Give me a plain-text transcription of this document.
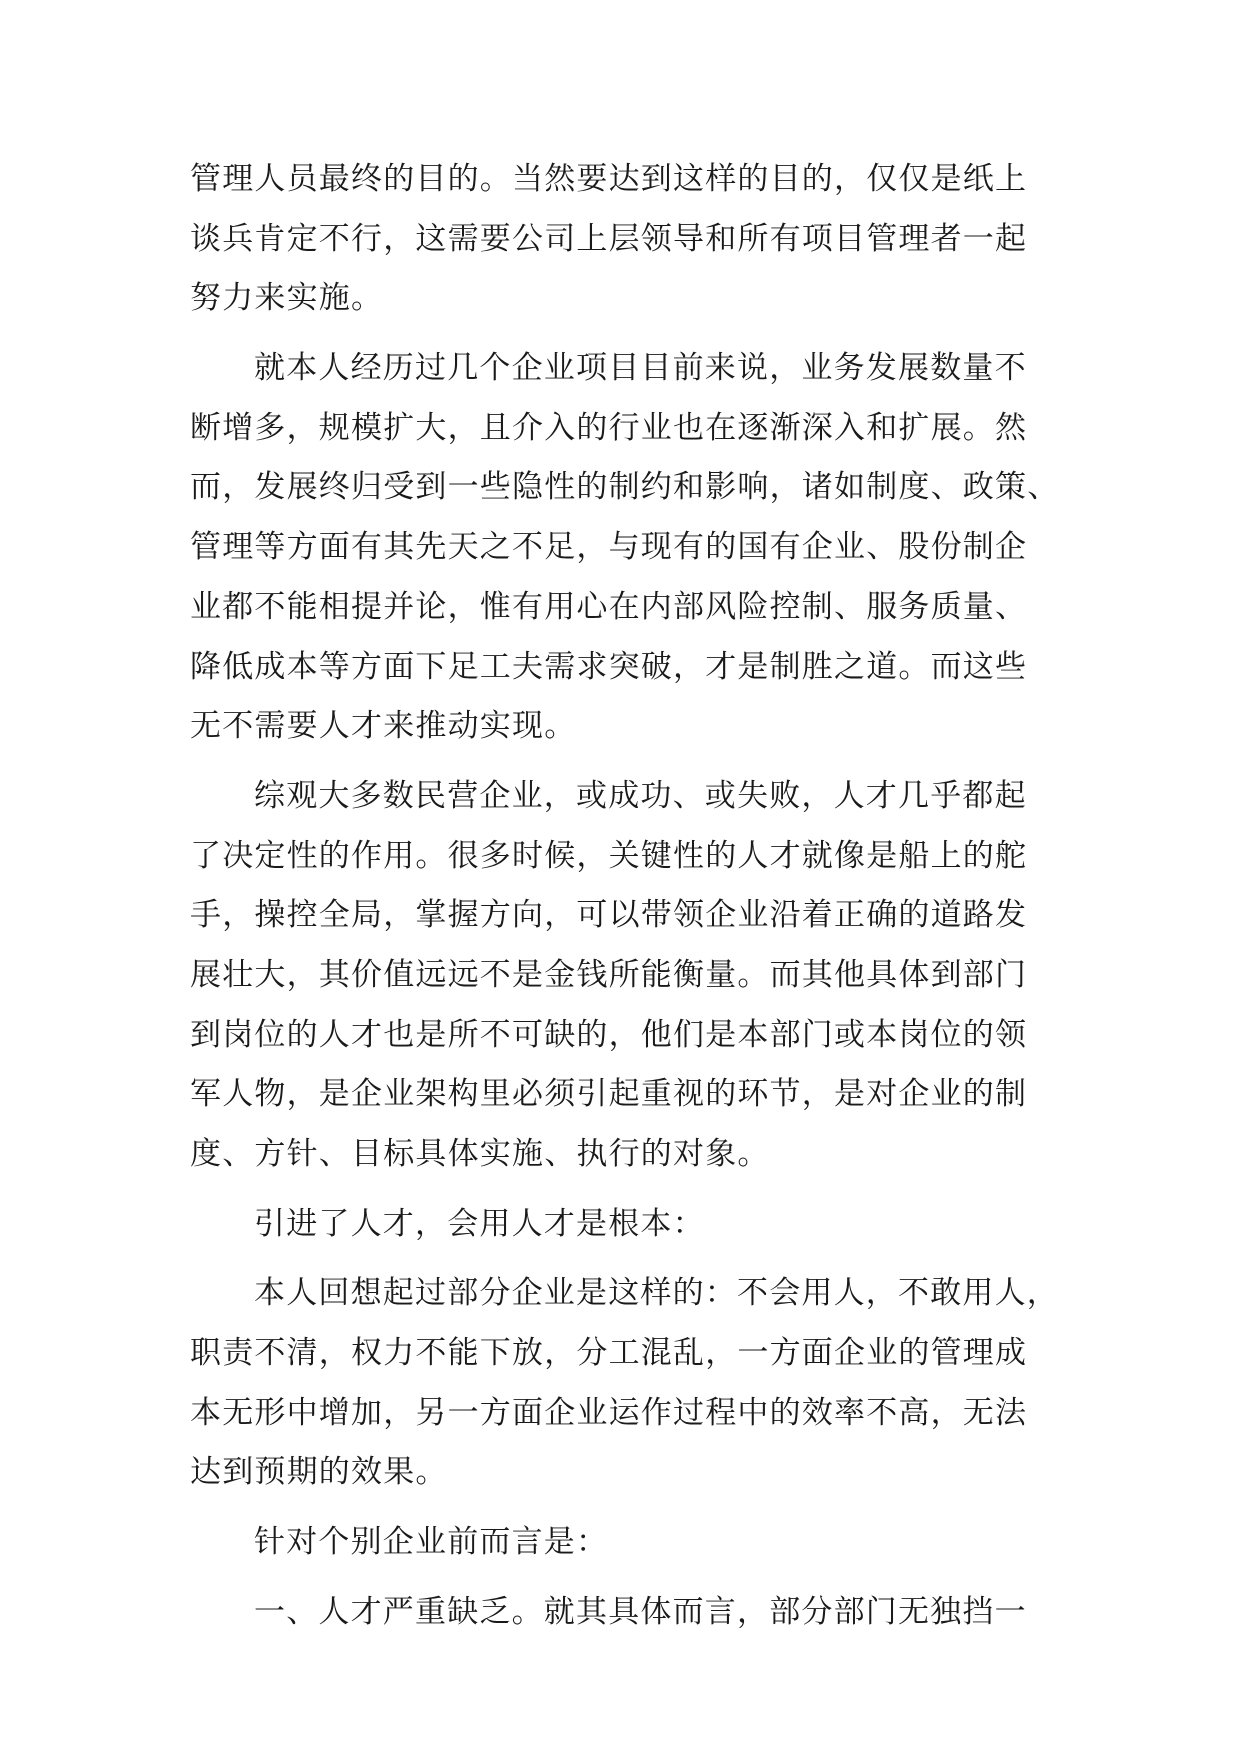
管理人员最终的目的。当然要达到这样的目的，仅仅是纸上
谈兵肯定不行，这需要公司上层领导和所有项目管理者一起
努力来实施。
就本人经历过几个企业项目目前来说，业务发展数量不
断增多，规模扩大，且介入的行业也在逐渐深入和扩展。然
而，发展终归受到一些隐性的制约和影响，诸如制度、政策、
管理等方面有其先天之不足，与现有的国有企业、股份制企
业都不能相提并论，惟有用心在内部风险控制、服务质量、
降低成本等方面下足工夫需求突破，才是制胜之道。而这些
无不需要人才来推动实现。
综观大多数民营企业，或成功、或失败，人才几乎都起
了决定性的作用。很多时候，关键性的人才就像是船上的舵
手，操控全局，掌握方向，可以带领企业沿着正确的道路发
展壮大，其价值远远不是金钱所能衡量。而其他具体到部门
到岗位的人才也是所不可缺的，他们是本部门或本岗位的领
军人物，是企业架构里必须引起重视的环节，是对企业的制
度、方针、目标具体实施、执行的对象。
引进了人才，会用人才是根本：
本人回想起过部分企业是这样的：不会用人，不敢用人，
职责不清，权力不能下放，分工混乱，一方面企业的管理成
本无形中增加，另一方面企业运作过程中的效率不高，无法
达到预期的效果。
针对个别企业前而言是：
一、人才严重缺乏。就其具体而言，部分部门无独挡一
